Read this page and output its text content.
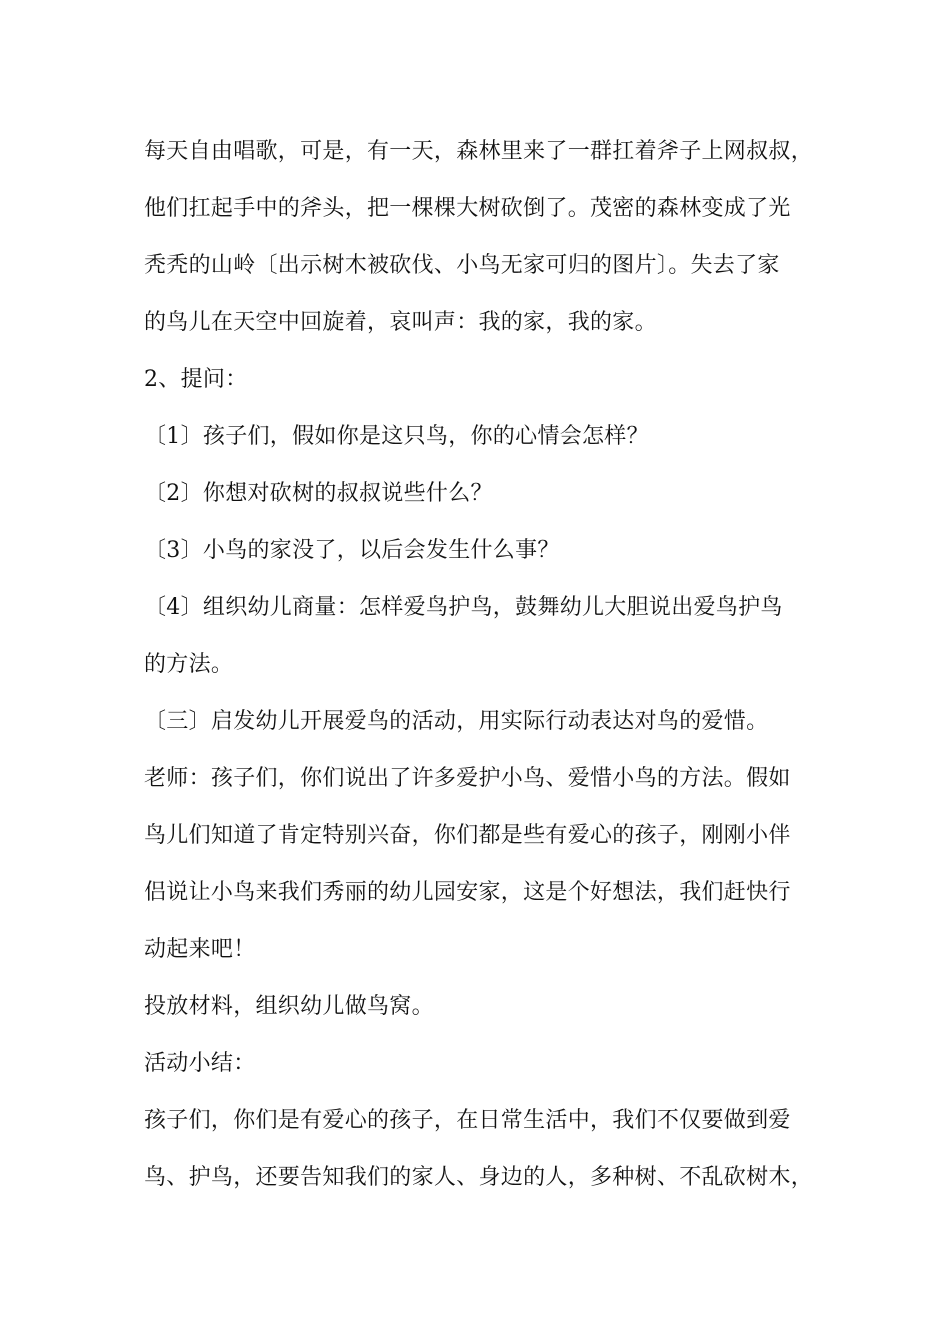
每天自由唱歌，可是，有一天，森林里来了一群扛着斧子上网叔叔，

他们扛起手中的斧头，把一棵棵大树砍倒了。茂密的森林变成了光

秃秃的山岭〔出示树木被砍伐、小鸟无家可归的图片〕。失去了家

的鸟儿在天空中回旋着，哀叫声：我的家，我的家。

2、提问：

〔1〕孩子们，假如你是这只鸟，你的心情会怎样？

〔2〕你想对砍树的叔叔说些什么？

〔3〕小鸟的家没了，以后会发生什么事？

〔4〕组织幼儿商量：怎样爱鸟护鸟，鼓舞幼儿大胆说出爱鸟护鸟

的方法。

〔三〕启发幼儿开展爱鸟的活动，用实际行动表达对鸟的爱惜。

老师：孩子们，你们说出了许多爱护小鸟、爱惜小鸟的方法。假如

鸟儿们知道了肯定特别兴奋，你们都是些有爱心的孩子，刚刚小伴

侣说让小鸟来我们秀丽的幼儿园安家，这是个好想法，我们赶快行

动起来吧！

投放材料，组织幼儿做鸟窝。

活动小结：

孩子们，你们是有爱心的孩子，在日常生活中，我们不仅要做到爱

鸟、护鸟，还要告知我们的家人、身边的人，多种树、不乱砍树木，
